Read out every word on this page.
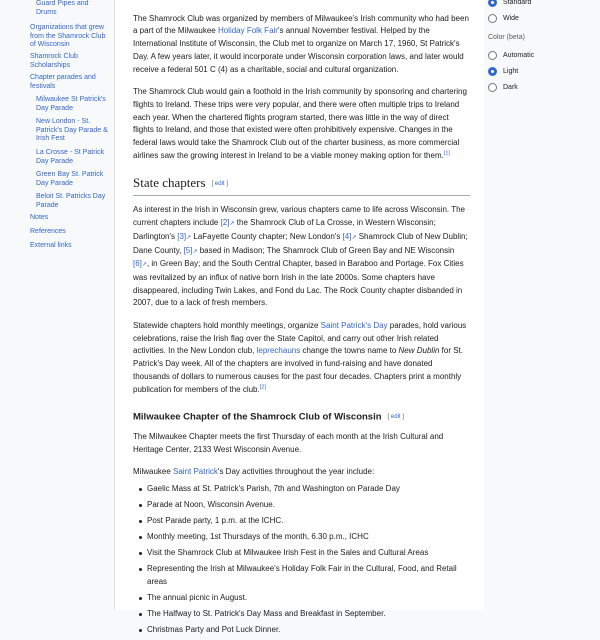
Guard Pipes and Drums
Organizations that grew from the Shamrock Club of Wisconsin
Shamrock Club Scholarships
Chapter parades and festivals
Milwaukee St Patrick's Day Parade
New London - St. Patrick's Day Parade & Irish Fest
La Crosse - St Patrick Day Parade
Green Bay St. Patrick Day Parade
Beloit St. Patricks Day Parade
Notes
References
External links

The Shamrock Club was organized by members of Milwaukee's Irish community who had been a part of the Milwaukee Holiday Folk Fair's annual November festival. Helped by the International Institute of Wisconsin, the Club met to organize on March 17, 1960, St Patrick's Day. A few years later, it would incorporate under Wisconsin corporation laws, and later would receive a federal 501 C (4) as a charitable, social and cultural organization.

The Shamrock Club would gain a foothold in the Irish community by sponsoring and chartering flights to Ireland. These trips were very popular, and there were often multiple trips to Ireland each year. When the chartered flights program started, there was little in the way of direct flights to Ireland, and those that existed were often prohibitively expensive. Changes in the federal laws would take the Shamrock Club out of the charter business, as more commercial airlines saw the growing interest in Ireland to be a viable money making option for them.[1]

State chapters [ edit ]

As interest in the Irish in Wisconsin grew, various chapters came to life across Wisconsin. The current chapters include [2]↗ the Shamrock Club of La Crosse, in Western Wisconsin; Darlington's [3]↗ LaFayette County chapter; New London's [4]↗ Shamrock Club of New Dublin; Dane County, [5]↗ based in Madison; The Shamrock Club of Green Bay and NE Wisconsin [6]↗, in Green Bay; and the South Central Chapter, based in Baraboo and Portage. Fox Cities was revitalized by an influx of native born Irish in the late 2000s. Some chapters have disappeared, including Twin Lakes, and Fond du Lac. The Rock County chapter disbanded in 2007, due to a lack of fresh members.

Statewide chapters hold monthly meetings, organize Saint Patrick's Day parades, hold various celebrations, raise the Irish flag over the State Capitol, and carry out other Irish related activities. In the New London club, leprechauns change the towns name to New Dublin for St. Patrick's Day week. All of the chapters are involved in fund-raising and have donated thousands of dollars to numerous causes for the past four decades. Chapters print a monthly publication for members of the club.[2]

Milwaukee Chapter of the Shamrock Club of Wisconsin [ edit ]

The Milwaukee Chapter meets the first Thursday of each month at the Irish Cultural and Heritage Center, 2133 West Wisconsin Avenue.

Milwaukee Saint Patrick's Day activities throughout the year include:

Gaelic Mass at St. Patrick's Parish, 7th and Washington on Parade Day
Parade at Noon, Wisconsin Avenue.
Post Parade party, 1 p.m. at the ICHC.
Monthly meeting, 1st Thursdays of the month, 6.30 p.m., ICHC
Visit the Shamrock Club at Milwaukee Irish Fest in the Sales and Cultural Areas
Representing the Irish at Milwaukee's Holiday Folk Fair in the Cultural, Food, and Retail areas
The annual picnic in August.
The Halfway to St. Patrick's Day Mass and Breakfast in September.
Christmas Party and Pot Luck Dinner.
Standard
Wide
Color (beta)
Automatic
Light
Dark
